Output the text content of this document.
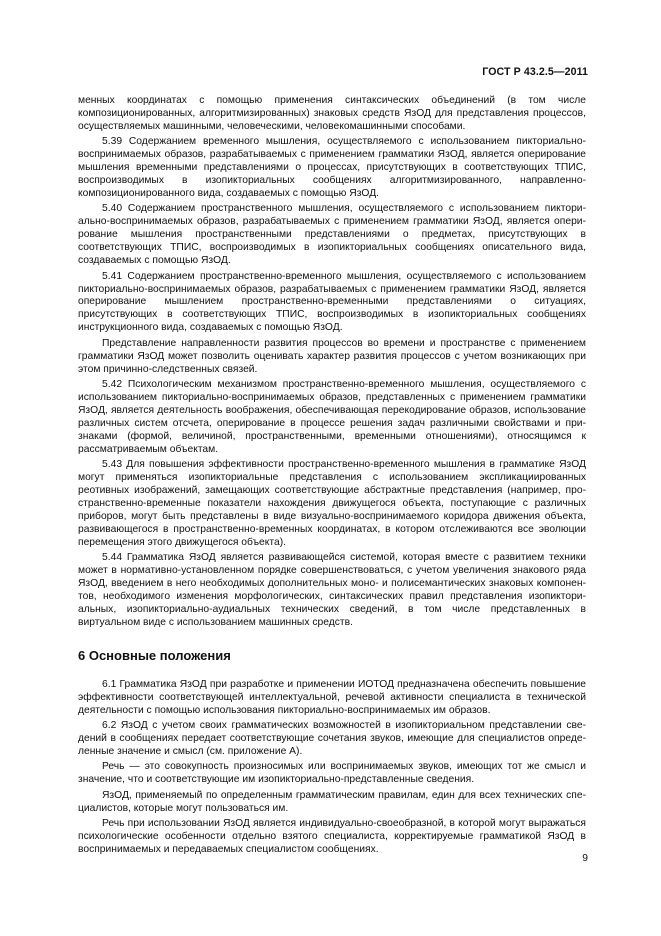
ГОСТ Р 43.2.5—2011

менных координатах с помощью применения синтаксических объединений (в том числе композиционированных, алгоритмизированных) знаковых средств ЯзОД для представления процессов, осуществляемых машинными, человеческими, человекомашинными способами.

5.39 Содержанием временного мышления, осуществляемого с использованием пикториально-воспринимаемых образов, разрабатываемых с применением грамматики ЯзОД, является оперирование мышления временными представлениями о процессах, присутствующих в соответствующих ТПИС, воспроизводимых в изопикториальных сообщениях алгоритмизированного, направленно-композиционированного вида, создаваемых с помощью ЯзОД.

5.40 Содержанием пространственного мышления, осуществляемого с использованием пикториально-воспринимаемых образов, разрабатываемых с применением грамматики ЯзОД, является оперирование мышления пространственными представлениями о предметах, присутствующих в соответствующих ТПИС, воспроизводимых в изопикториальных сообщениях описательного вида, создаваемых с помощью ЯзОД.

5.41 Содержанием пространственно-временного мышления, осуществляемого с использованием пикториально-воспринимаемых образов, разрабатываемых с применением грамматики ЯзОД, является оперирование мышлением пространственно-временными представлениями о ситуациях, присутствующих в соответствующих ТПИС, воспроизводимых в изопикториальных сообщениях инструкционного вида, создаваемых с помощью ЯзОД.

Представление направленности развития процессов во времени и пространстве с применением грамматики ЯзОД может позволить оценивать характер развития процессов с учетом возникающих при этом причинно-следственных связей.

5.42 Психологическим механизмом пространственно-временного мышления, осуществляемого с использованием пикториально-воспринимаемых образов, представленных с применением грамматики ЯзОД, является деятельность воображения, обеспечивающая перекодирование образов, использование различных систем отсчета, оперирование в процессе решения задач различными свойствами и признаками (формой, величиной, пространственными, временными отношениями), относящимся к рассматриваемым объектам.

5.43 Для повышения эффективности пространственно-временного мышления в грамматике ЯзОД могут применяться изопикториальные представления с использованием экспликациированных реотивных изображений, замещающих соответствующие абстрактные представления (например, пространственно-временные показатели нахождения движущегося объекта, поступающие с различных приборов, могут быть представлены в виде визуально-воспринимаемого коридора движения объекта, развивающегося в пространственно-временных координатах, в котором отслеживаются все эволюции перемещения этого движущегося объекта).

5.44 Грамматика ЯзОД является развивающейся системой, которая вместе с развитием техники может в нормативно-установленном порядке совершенствоваться, с учетом увеличения знакового ряда ЯзОД, введением в него необходимых дополнительных моно- и полисемантических знаковых компонентов, необходимого изменения морфологических, синтаксических правил представления изопикториальных, изопикториально-аудиальных технических сведений, в том числе представленных в виртуальном виде с использованием машинных средств.

6 Основные положения

6.1 Грамматика ЯзОД при разработке и применении ИОТОД предназначена обеспечить повышение эффективности соответствующей интеллектуальной, речевой активности специалиста в технической деятельности с помощью использования пикториально-воспринимаемых им образов.

6.2 ЯзОД с учетом своих грамматических возможностей в изопикториальном представлении сведений в сообщениях передает соответствующие сочетания звуков, имеющие для специалистов определенные значение и смысл (см. приложение А).

Речь — это совокупность произносимых или воспринимаемых звуков, имеющих тот же смысл и значение, что и соответствующие им изопикториально-представленные сведения.

ЯзОД, применяемый по определенным грамматическим правилам, един для всех технических специалистов, которые могут пользоваться им.

Речь при использовании ЯзОД является индивидуально-своеобразной, в которой могут выражаться психологические особенности отдельно взятого специалиста, корректируемые грамматикой ЯзОД в воспринимаемых и передаваемых специалистом сообщениях.

9
